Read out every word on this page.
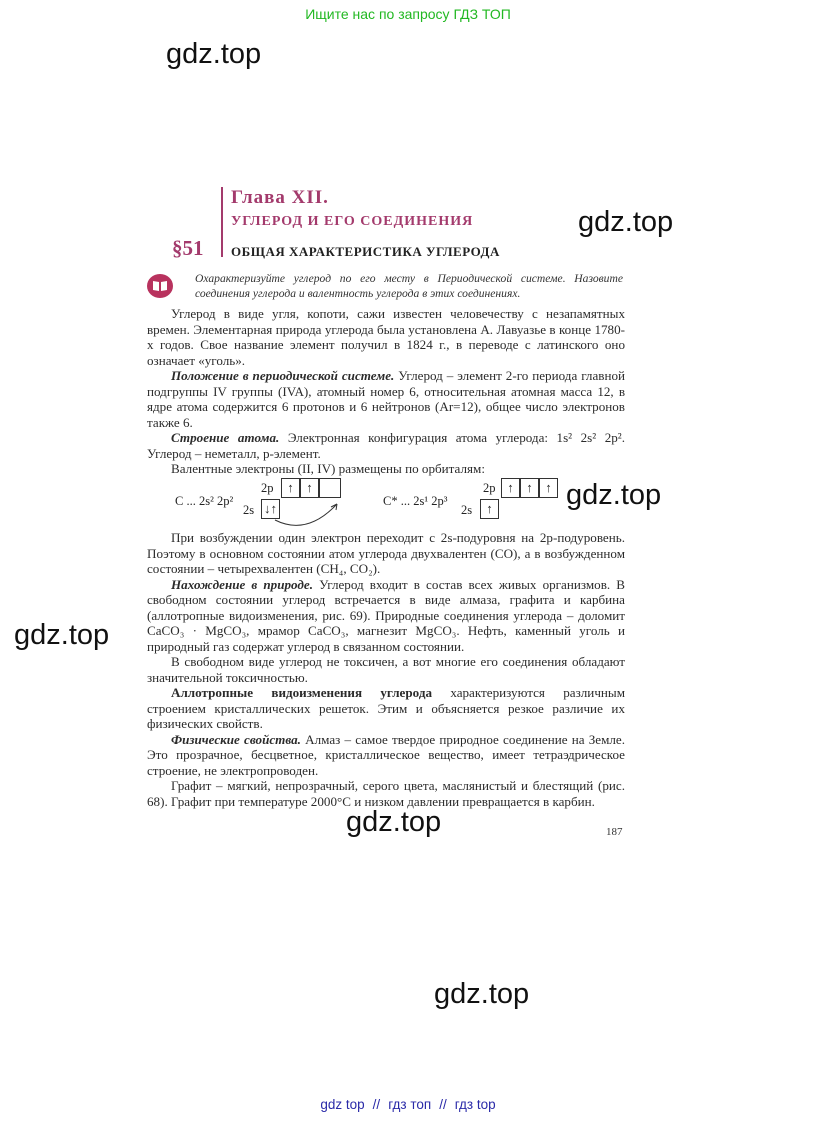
Ищите нас по запросу ГДЗ ТОП
gdz.top
gdz.top
gdz.top
gdz.top
gdz.top
gdz.top
Глава XII.
УГЛЕРОД И ЕГО СОЕДИНЕНИЯ
§51 ОБЩАЯ ХАРАКТЕРИСТИКА УГЛЕРОДА
Охарактеризуйте углерод по его месту в Периодической системе. Назовите соединения углерода и валентность углерода в этих соединениях.

Углерод в виде угля, копоти, сажи известен человечеству с незапамятных времен. Элементарная природа углерода была установлена А. Лавуазье в конце 1780-х годов. Свое название элемент получил в 1824 г., в переводе с латинского оно означает «уголь».

Положение в периодической системе. Углерод – элемент 2-го периода главной подгруппы IV группы (IVA), атомный номер 6, относительная атомная масса 12, в ядре атома содержится 6 протонов и 6 нейтронов (Ar=12), общее число электронов также 6.

Строение атома. Электронная конфигурация атома углерода: 1s² 2s² 2p². Углерод – неметалл, p-элемент.

Валентные электроны (II, IV) размещены по орбиталям:

С ... 2s² 2p²
2p
2s
↑ ↑
↓↑	С* ... 2s¹ 2p³
2p
2s
↑ ↑ ↑
↑

При возбуждении один электрон переходит с 2s-подуровня на 2p-подуровень. Поэтому в основном состоянии атом углерода двухвалентен (CO), а в возбужденном состоянии – четырехвалентен (CH₄, CO₂).

Нахождение в природе. Углерод входит в состав всех живых организмов. В свободном состоянии углерод встречается в виде алмаза, графита и карбина (аллотропные видоизменения, рис. 69). Природные соединения углерода – доломит CaCO₃ · MgCO₃, мрамор CaCO₃, магнезит MgCO₃. Нефть, каменный уголь и природный газ содержат углерод в связанном состоянии.

В свободном виде углерод не токсичен, а вот многие его соединения обладают значительной токсичностью.

Аллотропные видоизменения углерода характеризуются различным строением кристаллических решеток. Этим и объясняется резкое различие их физических свойств.

Физические свойства. Алмаз – самое твердое природное соединение на Земле. Это прозрачное, бесцветное, кристаллическое вещество, имеет тетраэдрическое строение, не электропроводен.

Графит – мягкий, непрозрачный, серого цвета, маслянистый и блестящий (рис. 68). Графит при температуре 2000°С и низком давлении превращается в карбин.

187
gdz top // гдз топ // гдз top
